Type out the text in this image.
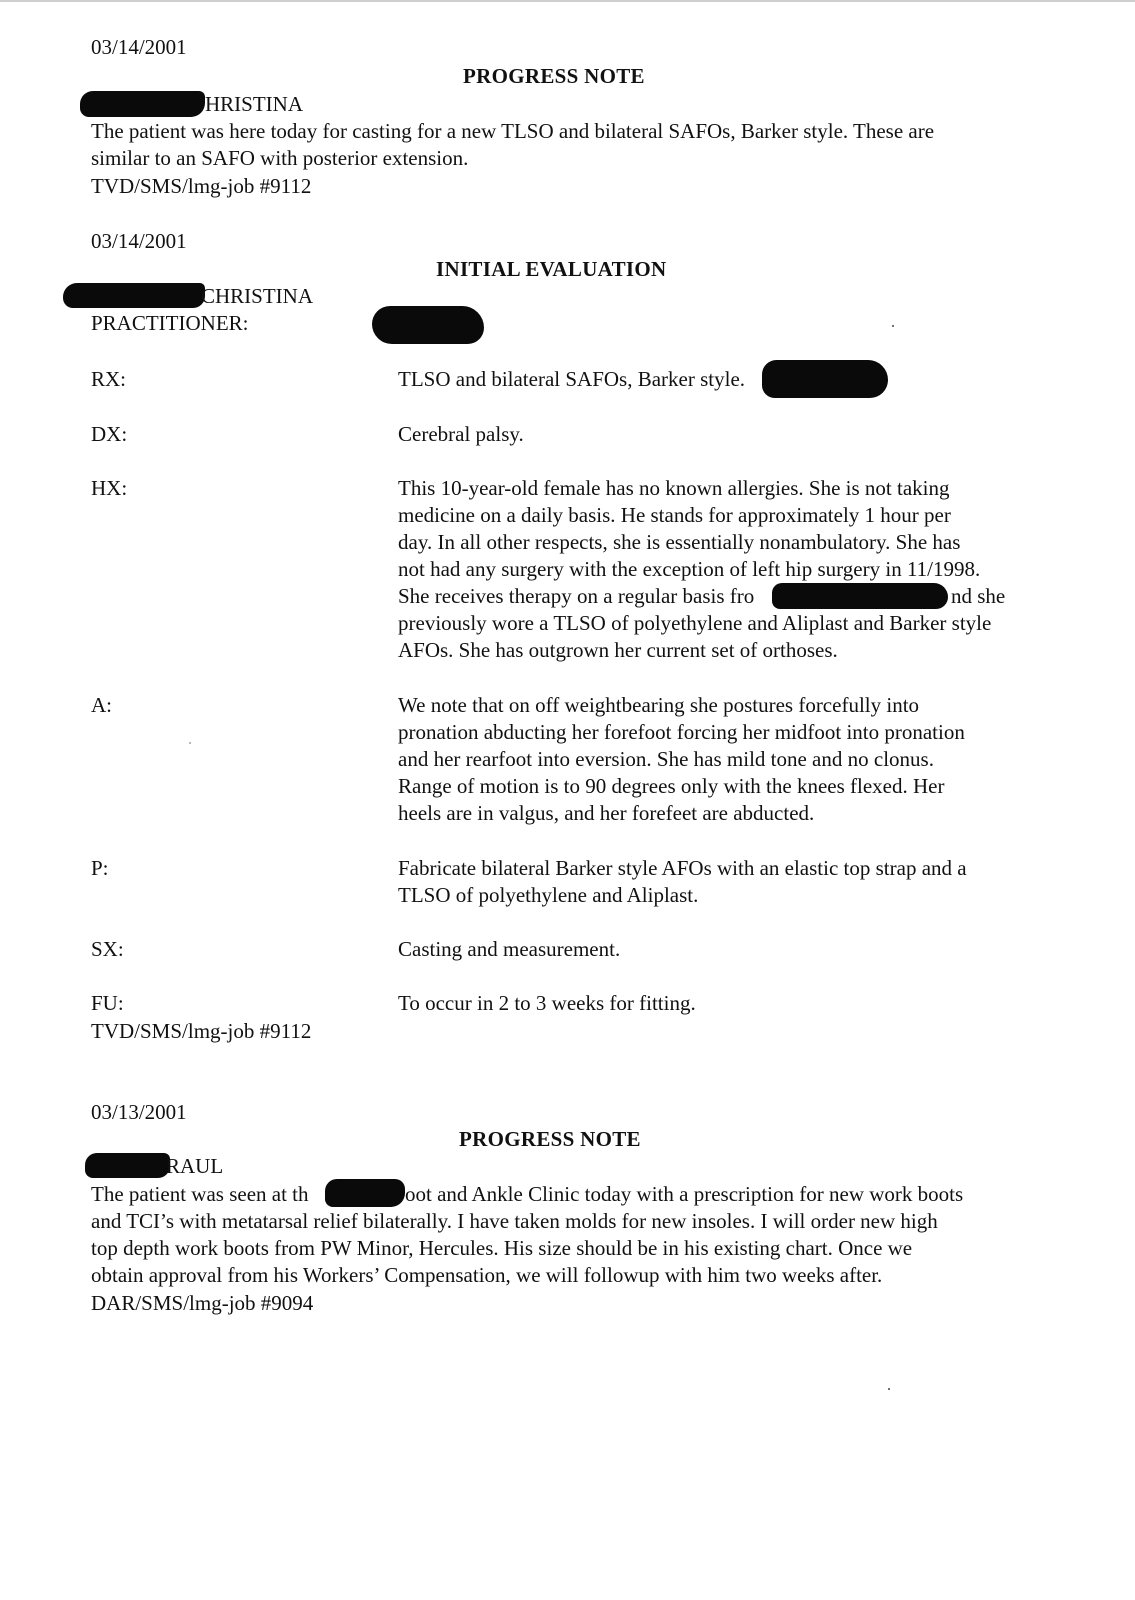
03/14/2001
PROGRESS NOTE
HRISTINA
The patient was here today for casting for a new TLSO and bilateral SAFOs, Barker style. These are
similar to an SAFO with posterior extension.
TVD/SMS/lmg-job #9112
03/14/2001
INITIAL EVALUATION
CHRISTINA
PRACTITIONER:
RX:	TLSO and bilateral SAFOs, Barker style.
DX:	Cerebral palsy.
HX:	This 10-year-old female has no known allergies. She is not taking
medicine on a daily basis. He stands for approximately 1 hour per
day. In all other respects, she is essentially nonambulatory. She has
not had any surgery with the exception of left hip surgery in 11/1998.
She receives therapy on a regular basis fro	nd she
previously wore a TLSO of polyethylene and Aliplast and Barker style
AFOs. She has outgrown her current set of orthoses.
A:	We note that on off weightbearing she postures forcefully into
pronation abducting her forefoot forcing her midfoot into pronation
and her rearfoot into eversion. She has mild tone and no clonus.
Range of motion is to 90 degrees only with the knees flexed. Her
heels are in valgus, and her forefeet are abducted.
P:	Fabricate bilateral Barker style AFOs with an elastic top strap and a
TLSO of polyethylene and Aliplast.
SX:	Casting and measurement.
FU:	To occur in 2 to 3 weeks for fitting.
TVD/SMS/lmg-job #9112
03/13/2001
PROGRESS NOTE
RAUL
The patient was seen at th	oot and Ankle Clinic today with a prescription for new work boots
and TCI’s with metatarsal relief bilaterally. I have taken molds for new insoles. I will order new high
top depth work boots from PW Minor, Hercules. His size should be in his existing chart. Once we
obtain approval from his Workers’ Compensation, we will followup with him two weeks after.
DAR/SMS/lmg-job #9094
